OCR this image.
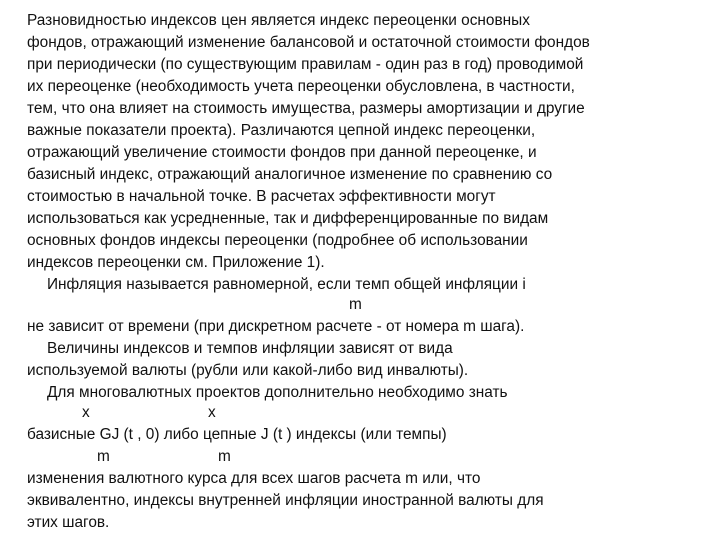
Разновидностью индексов цен является индекс переоценки основных
фондов, отражающий изменение балансовой и остаточной стоимости фондов
при периодически (по существующим правилам - один раз в год) проводимой
их переоценке (необходимость учета переоценки обусловлена, в частности,
тем, что она влияет на стоимость имущества, размеры амортизации и другие
важные показатели проекта). Различаются цепной индекс переоценки,
отражающий увеличение стоимости фондов при данной переоценке, и
базисный индекс, отражающий аналогичное изменение по сравнению со
стоимостью в начальной точке. В расчетах эффективности могут
использоваться как усредненные, так и дифференцированные по видам
основных фондов индексы переоценки (подробнее об использовании
индексов переоценки см. Приложение 1).
Инфляция называется равномерной, если темп общей инфляции i
m
не зависит от времени (при дискретном расчете - от номера m шага).
Величины индексов и темпов инфляции зависят от вида
используемой валюты (рубли или какой-либо вид инвалюты).
Для многовалютных проектов дополнительно необходимо знать
x	x
базисные GJ (t , 0) либо цепные J (t ) индексы (или темпы)
m	m
изменения валютного курса для всех шагов расчета m или, что
эквивалентно, индексы внутренней инфляции иностранной валюты для
этих шагов.
